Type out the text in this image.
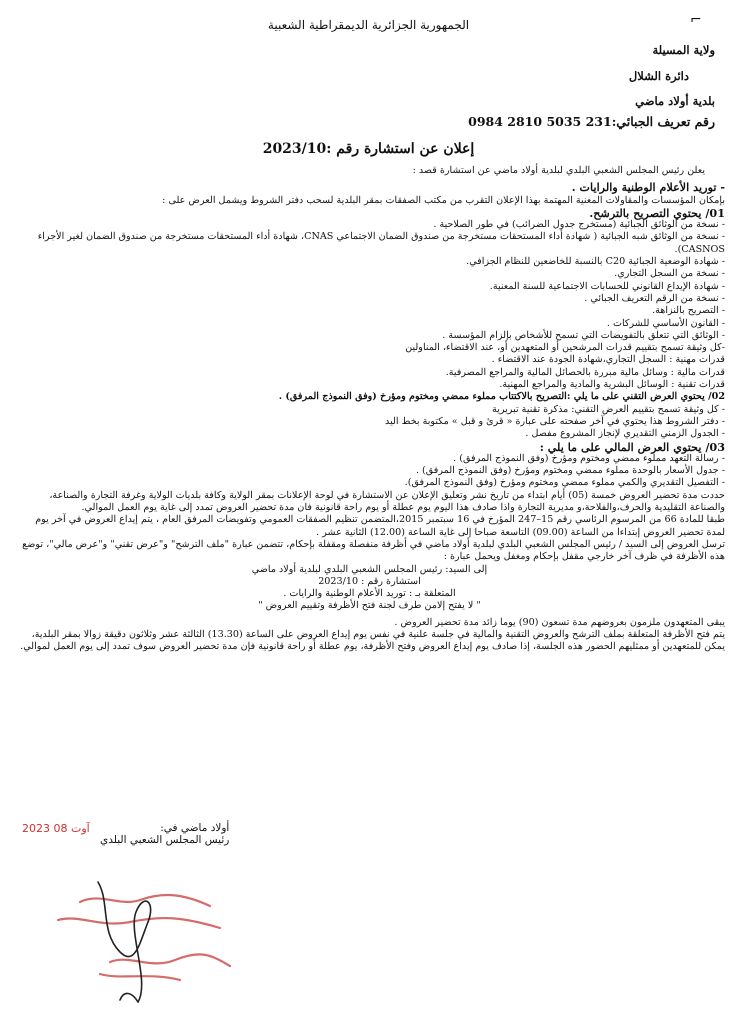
⌐
الجمهورية الجزائرية الديمقراطية الشعبية
ولاية المسيلة
دائرة الشلال
بلدية أولاد ماضي
رقم تعريف الجبائي:231 5035 2810 0984
إعلان عن استشارة رقم :2023/10

يعلن رئيس المجلس الشعبي البلدي لبلدية أولاد ماضي عن استشارة قصد :

- توريد الأعلام الوطنية والرايات .

بإمكان المؤسسات والمقاولات المعنية المهتمة بهذا الإعلان التقرب من مكتب الصفقات بمقر البلدية لسحب دفتر الشروط ويشمل العرض على :

01/ يحتوي التصريح بالترشح.

- نسخة من الوثائق الجبائية (مستخرج جدول الضرائب) في طور الصلاحية .

- نسخة من الوثائق شبه الجبائية ( شهادة أداء المستحقات مستخرجة من صندوق الضمان الاجتماعي CNAS، شهادة أداء المستحقات مستخرجة من صندوق الضمان لغير الأجراء CASNOS).

- شهادة الوضعية الجبائية C20 بالنسبة للخاضعين للنظام الجزافي.

- نسخة من السجل التجاري.

- شهادة الإيداع القانوني للحسابات الاجتماعية للسنة المعنية.

- نسخة من الرقم التعريف الجبائي .

- التصريح بالنزاهة.

- القانون الأساسي للشركات .

- الوثائق التي تتعلق بالتفويضات التي تسمح للأشخاص بإلزام المؤسسة .

-كل وثيقة تسمح بتقييم قدرات المرشحين أو المتعهدين أو، عند الاقتضاء، المناولين

قدرات مهنية : السجل التجاري،شهادة الجودة عند الاقتضاء .

قدرات مالية : وسائل مالية مبررة بالحصائل المالية والمراجع المصرفية.

قدرات تقنية : الوسائل البشرية والمادية والمراجع المهنية.

02/ يحتوي العرض التقني على ما يلي :التصريح بالاكتتاب مملوء ممضي ومختوم ومؤرخ (وفق النموذج المرفق) .

- كل وثيقة تسمح بتقييم العرض التقني: مذكرة تقنية تبريرية

- دفتر الشروط هذا يحتوي في آخر صفحته على عبارة « قرئ و قبل » مكتوبة بخط اليد

- الجدول الزمني التقديري لإنجاز المشروع مفصل .

03/ يحتوي العرض المالي على ما يلي :

- رسالة التعهد مملوء ممضي ومختوم ومؤرخ (وفق النموذج المرفق) .

- جدول الأسعار بالوحدة مملوء ممضي ومختوم ومؤرخ (وفق النموذج المرفق) .

- التفصيل التقديري والكمي مملوء ممضي ومختوم ومؤرخ (وفق النموذج المرفق).

حددت مدة تحضير العروض خمسة (05) أيام ابتداء من تاريخ نشر وتعليق الإعلان عن الاستشارة في لوحة الإعلانات بمقر الولاية وكافة بلديات الولاية وغرفة التجارة والصناعة، والصناعة التقليدية والحرف،والفلاحة،و مديرية التجارة واذا صادف هذا اليوم يوم عطلة أو يوم راحة قانونية فان مدة تحضير العروض تمدد إلى غاية يوم العمل الموالي.

طبقا للمادة 66 من المرسوم الرئاسي رقم 15–247 المؤرخ في 16 سبتمبر 2015،المتضمن تنظيم الصفقات العمومي وتفويضات المرفق العام ، يتم إيداع العروض في آخر يوم لمدة تحضير العروض إبتداءا من الساعة (09.00) التاسعة صباحا إلى غاية الساعة (12.00) الثانية عشر .

ترسل العروض إلى السيد / رئيس المجلس الشعبي البلدي لبلدية أولاد ماضي في أظرفة منفصلة ومقفلة بإحكام، تتضمن عبارة "ملف الترشح" و"عرض تقني" و"عرض مالي"، توضع هذه الأظرفة في ظرف آخر خارجي مقفل بإحكام ومغفل ويحمل عبارة :

إلى السيد: رئيس المجلس الشعبي البلدي لبلدية أولاد ماضي

استشارة رقم : 2023/10

المتعلقة بـ : توريد الأعلام الوطنية والرايات .

" لا يفتح إلامن طرف لجنة فتح الأظرفة وتقييم العروض "

يبقى المتعهدون ملزمون بعروضهم مدة تسعون (90) يوما زائد مدة تحضير العروض .

يتم فتح الأظرفة المتعلقة بملف الترشح والعروض التقنية والمالية في جلسة علنية في نفس يوم إيداع العروض على الساعة (13.30) الثالثة عشر وثلاثون دقيقة زوالا بمقر البلدية،

يمكن للمتعهدين أو ممثليهم الحضور هذه الجلسة، إذا صادف يوم إيداع العروض وفتح الأظرفة، يوم عطلة أو راحة قانونية فإن مدة تحضير العروض سوف تمدد إلى يوم العمل لموالي.

أولاد ماضي في:
رئيس المجلس الشعبي البلدي
2023 آوت 08
